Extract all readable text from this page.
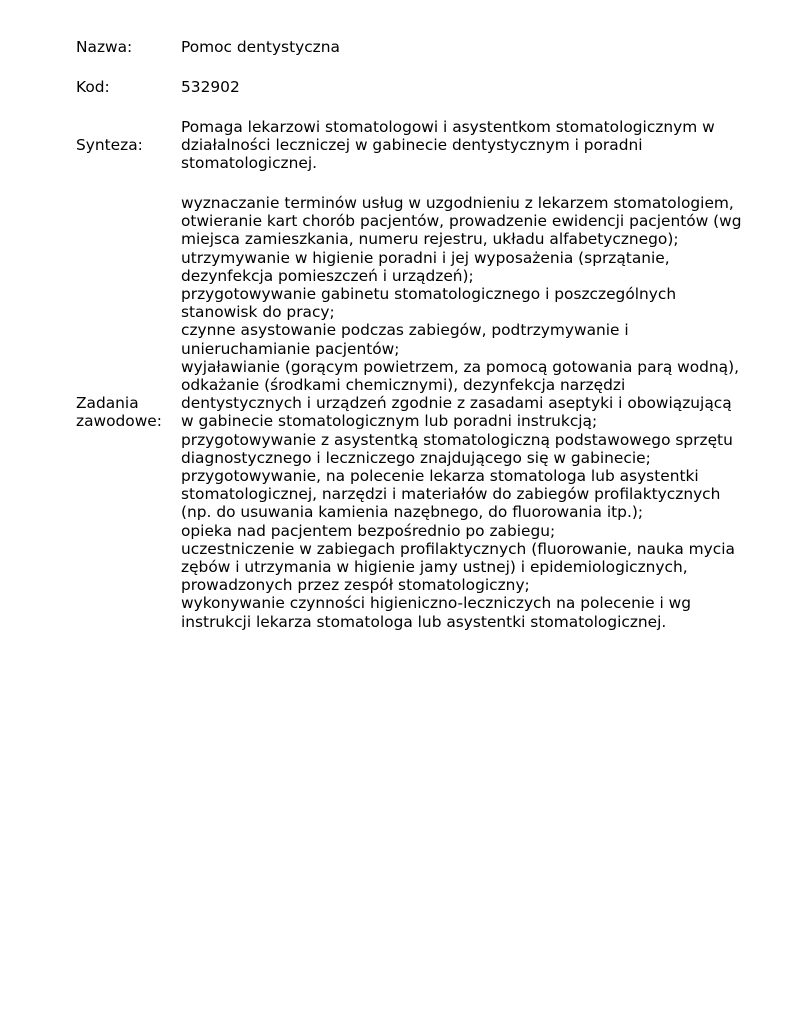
Nazwa:	Pomoc dentystyczna
Kod:	532902
Synteza:
Pomaga lekarzowi stomatologowi i asystentkom stomatologicznym w
działalności leczniczej w gabinecie dentystycznym i poradni
stomatologicznej.
Zadania
zawodowe:
wyznaczanie terminów usług w uzgodnieniu z lekarzem stomatologiem,
otwieranie kart chorób pacjentów, prowadzenie ewidencji pacjentów (wg
miejsca zamieszkania, numeru rejestru, układu alfabetycznego);
utrzymywanie w higienie poradni i jej wyposażenia (sprzątanie,
dezynfekcja pomieszczeń i urządzeń);
przygotowywanie gabinetu stomatologicznego i poszczególnych
stanowisk do pracy;
czynne asystowanie podczas zabiegów, podtrzymywanie i
unieruchamianie pacjentów;
wyjaławianie (gorącym powietrzem, za pomocą gotowania parą wodną),
odkażanie (środkami chemicznymi), dezynfekcja narzędzi
dentystycznych i urządzeń zgodnie z zasadami aseptyki i obowiązującą
w gabinecie stomatologicznym lub poradni instrukcją;
przygotowywanie z asystentką stomatologiczną podstawowego sprzętu
diagnostycznego i leczniczego znajdującego się w gabinecie;
przygotowywanie, na polecenie lekarza stomatologa lub asystentki
stomatologicznej, narzędzi i materiałów do zabiegów profilaktycznych
(np. do usuwania kamienia nazębnego, do fluorowania itp.);
opieka nad pacjentem bezpośrednio po zabiegu;
uczestniczenie w zabiegach profilaktycznych (fluorowanie, nauka mycia
zębów i utrzymania w higienie jamy ustnej) i epidemiologicznych,
prowadzonych przez zespół stomatologiczny;
wykonywanie czynności higieniczno-leczniczych na polecenie i wg
instrukcji lekarza stomatologa lub asystentki stomatologicznej.
